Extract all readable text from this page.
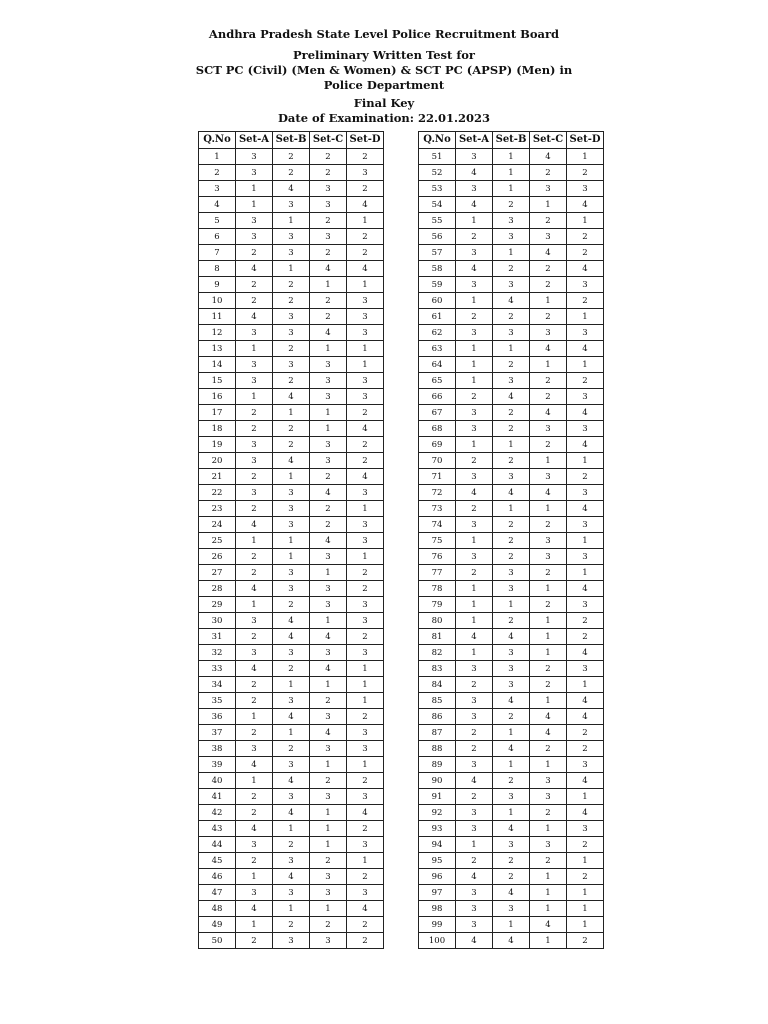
Andhra Pradesh State Level Police Recruitment Board
Preliminary Written Test for
SCT PC (Civil) (Men & Women) & SCT PC (APSP) (Men) in
Police Department
Final Key
Date of Examination: 22.01.2023
Q.No	Set-A	Set-B	Set-C	Set-D
1	3	2	2	2
2	3	2	2	3
3	1	4	3	2
4	1	3	3	4
5	3	1	2	1
6	3	3	3	2
7	2	3	2	2
8	4	1	4	4
9	2	2	1	1
10	2	2	2	3
11	4	3	2	3
12	3	3	4	3
13	1	2	1	1
14	3	3	3	1
15	3	2	3	3
16	1	4	3	3
17	2	1	1	2
18	2	2	1	4
19	3	2	3	2
20	3	4	3	2
21	2	1	2	4
22	3	3	4	3
23	2	3	2	1
24	4	3	2	3
25	1	1	4	3
26	2	1	3	1
27	2	3	1	2
28	4	3	3	2
29	1	2	3	3
30	3	4	1	3
31	2	4	4	2
32	3	3	3	3
33	4	2	4	1
34	2	1	1	1
35	2	3	2	1
36	1	4	3	2
37	2	1	4	3
38	3	2	3	3
39	4	3	1	1
40	1	4	2	2
41	2	3	3	3
42	2	4	1	4
43	4	1	1	2
44	3	2	1	3
45	2	3	2	1
46	1	4	3	2
47	3	3	3	3
48	4	1	1	4
49	1	2	2	2
50	2	3	3	2
Q.No	Set-A	Set-B	Set-C	Set-D
51	3	1	4	1
52	4	1	2	2
53	3	1	3	3
54	4	2	1	4
55	1	3	2	1
56	2	3	3	2
57	3	1	4	2
58	4	2	2	4
59	3	3	2	3
60	1	4	1	2
61	2	2	2	1
62	3	3	3	3
63	1	1	4	4
64	1	2	1	1
65	1	3	2	2
66	2	4	2	3
67	3	2	4	4
68	3	2	3	3
69	1	1	2	4
70	2	2	1	1
71	3	3	3	2
72	4	4	4	3
73	2	1	1	4
74	3	2	2	3
75	1	2	3	1
76	3	2	3	3
77	2	3	2	1
78	1	3	1	4
79	1	1	2	3
80	1	2	1	2
81	4	4	1	2
82	1	3	1	4
83	3	3	2	3
84	2	3	2	1
85	3	4	1	4
86	3	2	4	4
87	2	1	4	2
88	2	4	2	2
89	3	1	1	3
90	4	2	3	4
91	2	3	3	1
92	3	1	2	4
93	3	4	1	3
94	1	3	3	2
95	2	2	2	1
96	4	2	1	2
97	3	4	1	1
98	3	3	1	1
99	3	1	4	1
100	4	4	1	2
